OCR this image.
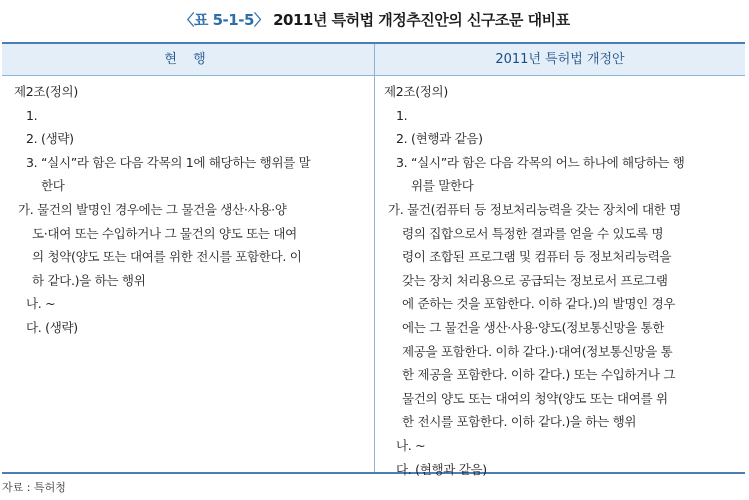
〈표 5-1-5〉 2011년 특허법 개정추진안의 신구조문 대비표
현 행	2011년 특허법 개정안
제2조(정의)
1.
2. (생략)
3. “실시”라 함은 다음 각목의 1에 해당하는 행위를 말
한다
가. 물건의 발명인 경우에는 그 물건을 생산·사용·양
도·대여 또는 수입하거나 그 물건의 양도 또는 대여
의 청약(양도 또는 대여를 위한 전시를 포함한다. 이
하 같다.)을 하는 행위
나. ~
다. (생략)
제2조(정의)
1.
2. (현행과 같음)
3. “실시”라 함은 다음 각목의 어느 하나에 해당하는 행
위를 말한다
가. 물건(컴퓨터 등 정보처리능력을 갖는 장치에 대한 명
령의 집합으로서 특정한 결과를 얻을 수 있도록 명
령이 조합된 프로그램 및 컴퓨터 등 정보처리능력을
갖는 장치 처리용으로 공급되는 정보로서 프로그램
에 준하는 것을 포함한다. 이하 같다.)의 발명인 경우
에는 그 물건을 생산·사용·양도(정보통신망을 통한
제공을 포함한다. 이하 같다.)·대여(정보통신망을 통
한 제공을 포함한다. 이하 같다.) 또는 수입하거나 그
물건의 양도 또는 대여의 청약(양도 또는 대여를 위
한 전시를 포함한다. 이하 같다.)을 하는 행위
나. ~
다. (현행과 같음)
자료 : 특허청
